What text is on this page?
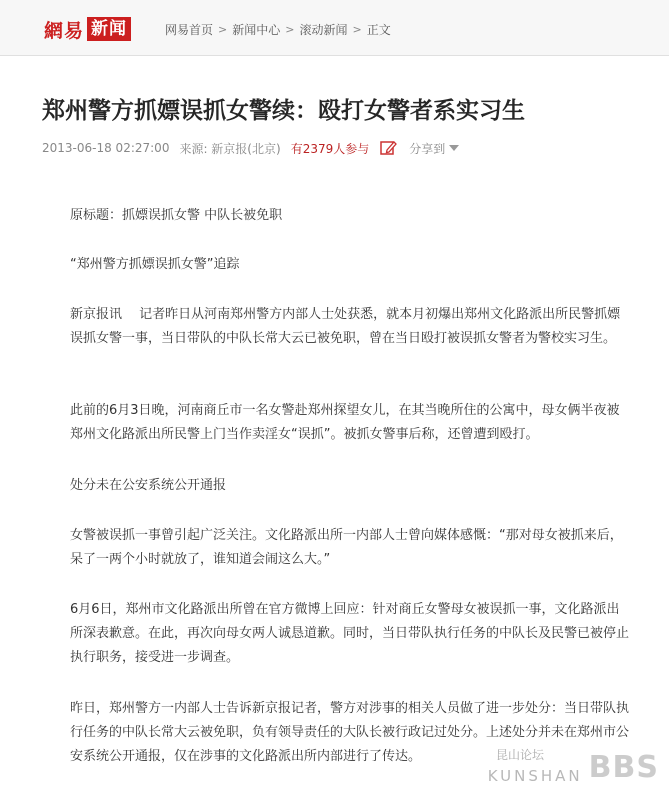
網易 新闻	网易首页 > 新闻中心 > 滚动新闻 > 正文
郑州警方抓嫖误抓女警续：殴打女警者系实习生
2013-06-18 02:27:00 来源: 新京报(北京) 有2379人参与	分享到

原标题：抓嫖误抓女警 中队长被免职

“郑州警方抓嫖误抓女警”追踪

新京报讯　 记者昨日从河南郑州警方内部人士处获悉，就本月初爆出郑州文化路派出所民警抓嫖误抓女警一事，当日带队的中队长常大云已被免职，曾在当日殴打被误抓女警者为警校实习生。

此前的6月3日晚，河南商丘市一名女警赴郑州探望女儿，在其当晚所住的公寓中，母女俩半夜被郑州文化路派出所民警上门当作卖淫女“误抓”。被抓女警事后称，还曾遭到殴打。

处分未在公安系统公开通报

女警被误抓一事曾引起广泛关注。文化路派出所一内部人士曾向媒体感慨：“那对母女被抓来后，呆了一两个小时就放了，谁知道会闹这么大。”

6月6日，郑州市文化路派出所曾在官方微博上回应：针对商丘女警母女被误抓一事，文化路派出所深表歉意。在此，再次向母女两人诚恳道歉。同时，当日带队执行任务的中队长及民警已被停止执行职务，接受进一步调查。

昨日，郑州警方一内部人士告诉新京报记者，警方对涉事的相关人员做了进一步处分：当日带队执行任务的中队长常大云被免职，负有领导责任的大队长被行政记过处分。上述处分并未在郑州市公安系统公开通报，仅在涉事的文化路派出所内部进行了传达。	昆山论坛
KUNSHAN BBS
